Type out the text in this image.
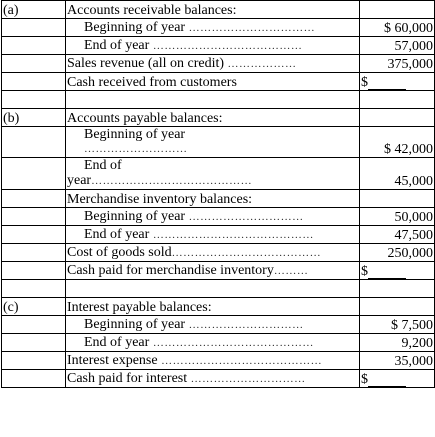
(a)	Accounts receivable balances:	
	Beginning of year ……………………………	$ 60,000
	End of year …………………………………	57,000
	Sales revenue (all on credit) ………………	375,000
	Cash received from customers	$

(b)	Accounts payable balances:	

	Beginning of year
………………………	$ 42,000

	End of
year……………………………………	45,000
	Merchandise inventory balances:	
	Beginning of year …………………………	50,000
	End of year ……………………………………	47,500
	Cost of goods sold…………………………………	250,000
	Cash paid for merchandise inventory………	$

(c)	Interest payable balances:	
	Beginning of year …………………………	$ 7,500
	End of year ……………………………………	9,200
	Interest expense ……………………………………	35,000
	Cash paid for interest …………………………	$
